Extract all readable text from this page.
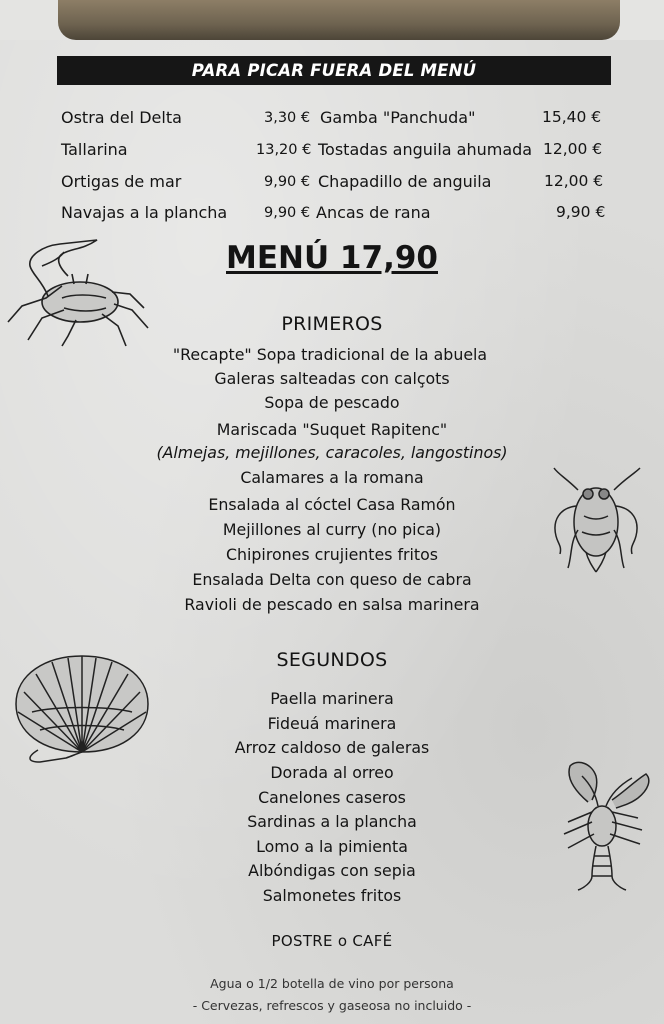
PARA PICAR FUERA DEL MENÚ
Ostra del Delta	3,30 €
Tallarina	13,20 €
Ortigas de mar	9,90 €
Navajas a la plancha	9,90 €
Gamba "Panchuda"	15,40 €
Tostadas anguila ahumada 12,00 €
Chapadillo de anguila	12,00 €
Ancas de rana	9,90 €
MENÚ 17,90
PRIMEROS
"Recapte" Sopa tradicional de la abuela
Galeras salteadas con calçots
Sopa de pescado
Mariscada "Suquet Rapitenc"
(Almejas, mejillones, caracoles, langostinos)
Calamares a la romana
Ensalada al cóctel Casa Ramón
Mejillones al curry (no pica)
Chipirones crujientes fritos
Ensalada Delta con queso de cabra
Ravioli de pescado en salsa marinera
SEGUNDOS
Paella marinera
Fideuá marinera
Arroz caldoso de galeras
Dorada al orreo
Canelones caseros
Sardinas a la plancha
Lomo a la pimienta
Albóndigas con sepia
Salmonetes fritos
POSTRE o CAFÉ
Agua o 1/2 botella de vino por persona
- Cervezas, refrescos y gaseosa no incluido -
